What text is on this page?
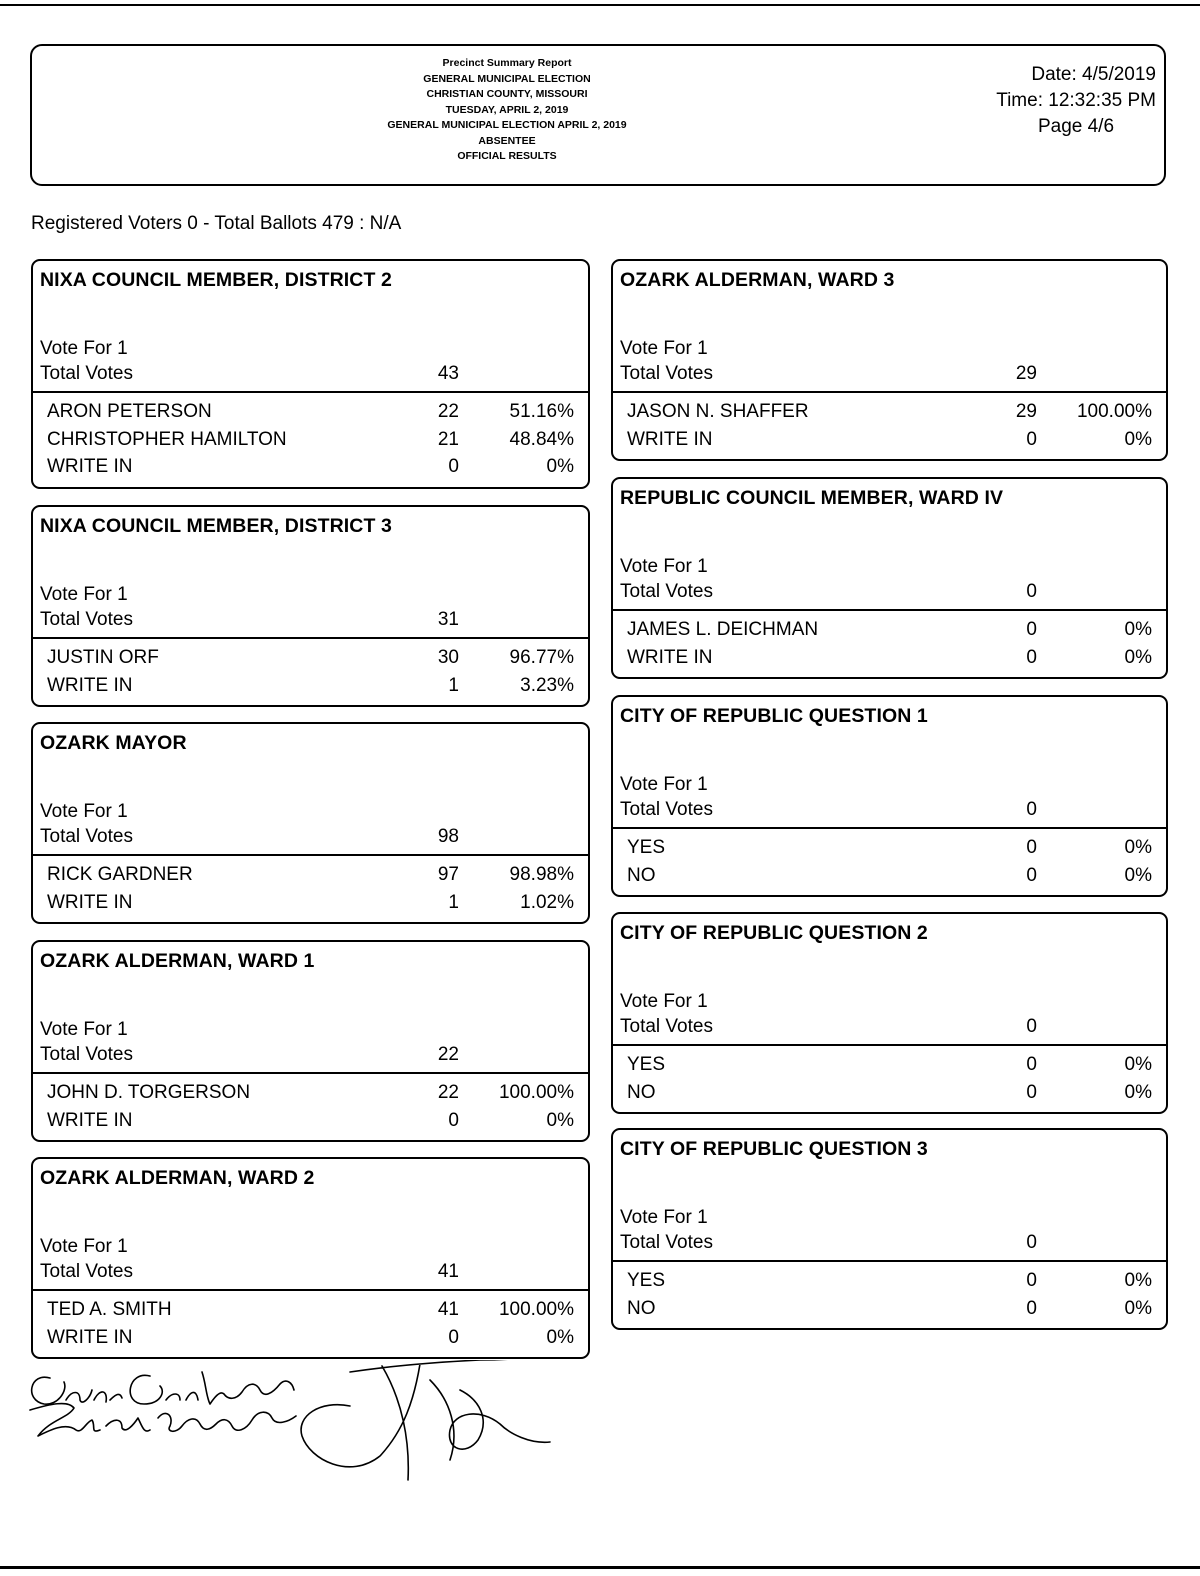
Precinct Summary Report
GENERAL MUNICIPAL ELECTION
CHRISTIAN COUNTY, MISSOURI
TUESDAY, APRIL 2, 2019
GENERAL MUNICIPAL ELECTION APRIL 2, 2019
ABSENTEE
OFFICIAL RESULTS
Date: 4/5/2019
Time: 12:32:35 PM
Page 4/6
Registered Voters 0 - Total Ballots 479 : N/A
NIXA COUNCIL MEMBER, DISTRICT 2
Vote For 1
Total Votes	43
ARON PETERSON	22	51.16%
CHRISTOPHER HAMILTON	21	48.84%
WRITE IN	0	0%
NIXA COUNCIL MEMBER, DISTRICT 3
Vote For 1
Total Votes	31
JUSTIN ORF	30	96.77%
WRITE IN	1	3.23%
OZARK MAYOR
Vote For 1
Total Votes	98
RICK GARDNER	97	98.98%
WRITE IN	1	1.02%
OZARK ALDERMAN, WARD 1
Vote For 1
Total Votes	22
JOHN D. TORGERSON	22	100.00%
WRITE IN	0	0%
OZARK ALDERMAN, WARD 2
Vote For 1
Total Votes	41
TED A. SMITH	41	100.00%
WRITE IN	0	0%
OZARK ALDERMAN, WARD 3
Vote For 1
Total Votes	29
JASON N. SHAFFER	29	100.00%
WRITE IN	0	0%
REPUBLIC COUNCIL MEMBER, WARD IV
Vote For 1
Total Votes	0
JAMES L. DEICHMAN	0	0%
WRITE IN	0	0%
CITY OF REPUBLIC QUESTION 1
Vote For 1
Total Votes	0
YES	0	0%
NO	0	0%
CITY OF REPUBLIC QUESTION 2
Vote For 1
Total Votes	0
YES	0	0%
NO	0	0%
CITY OF REPUBLIC QUESTION 3
Vote For 1
Total Votes	0
YES	0	0%
NO	0	0%
